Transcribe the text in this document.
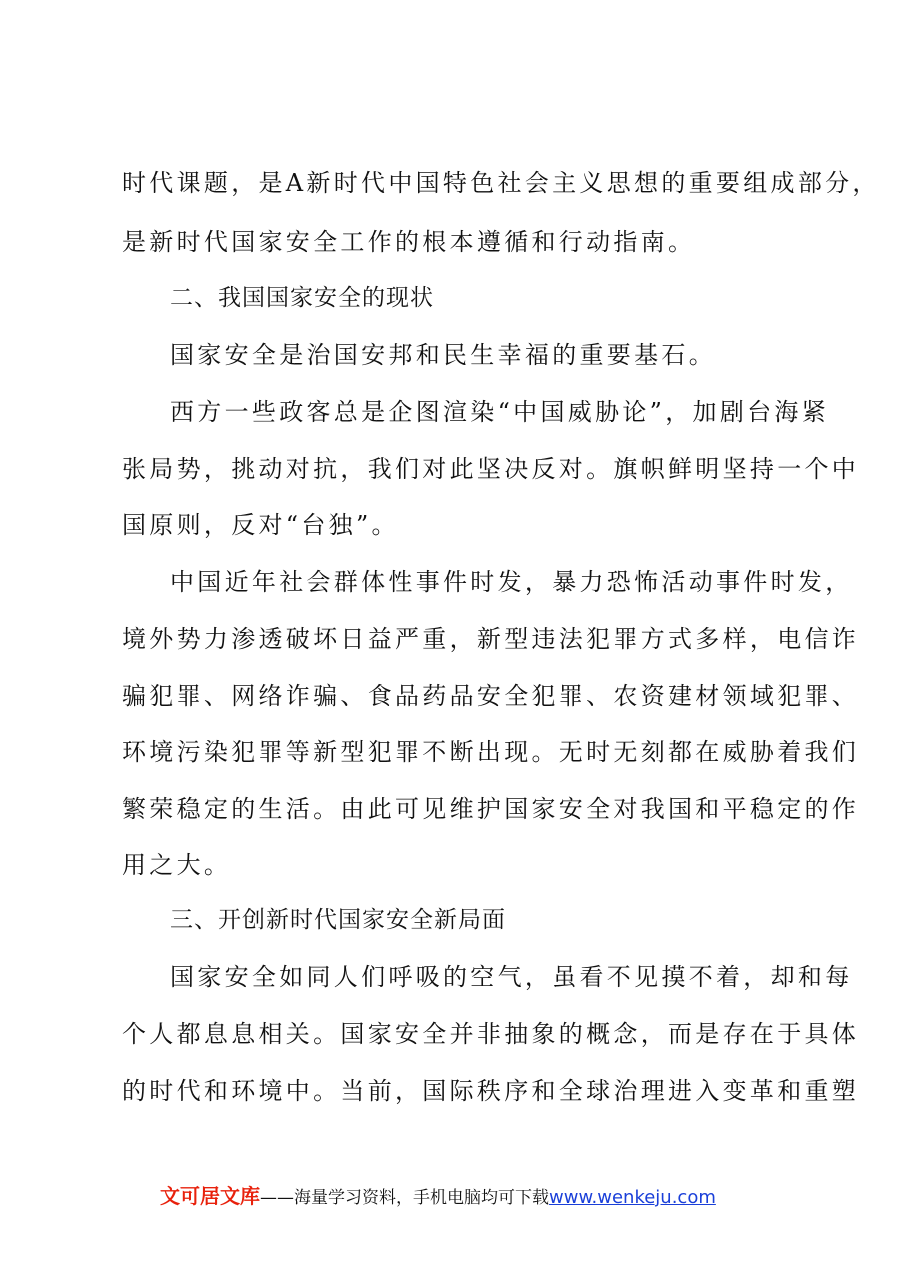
时代课题，是A新时代中国特色社会主义思想的重要组成部分，
是新时代国家安全工作的根本遵循和行动指南。
二、我国国家安全的现状
国家安全是治国安邦和民生幸福的重要基石。
西方一些政客总是企图渲染“中国威胁论”，加剧台海紧
张局势，挑动对抗，我们对此坚决反对。旗帜鲜明坚持一个中
国原则，反对“台独”。
中国近年社会群体性事件时发，暴力恐怖活动事件时发，
境外势力渗透破坏日益严重，新型违法犯罪方式多样，电信诈
骗犯罪、网络诈骗、食品药品安全犯罪、农资建材领域犯罪、
环境污染犯罪等新型犯罪不断出现。无时无刻都在威胁着我们
繁荣稳定的生活。由此可见维护国家安全对我国和平稳定的作
用之大。
三、开创新时代国家安全新局面
国家安全如同人们呼吸的空气，虽看不见摸不着，却和每
个人都息息相关。国家安全并非抽象的概念，而是存在于具体
的时代和环境中。当前，国际秩序和全球治理进入变革和重塑
文可居文库——海量学习资料，手机电脑均可下载www.wenkeju.com
